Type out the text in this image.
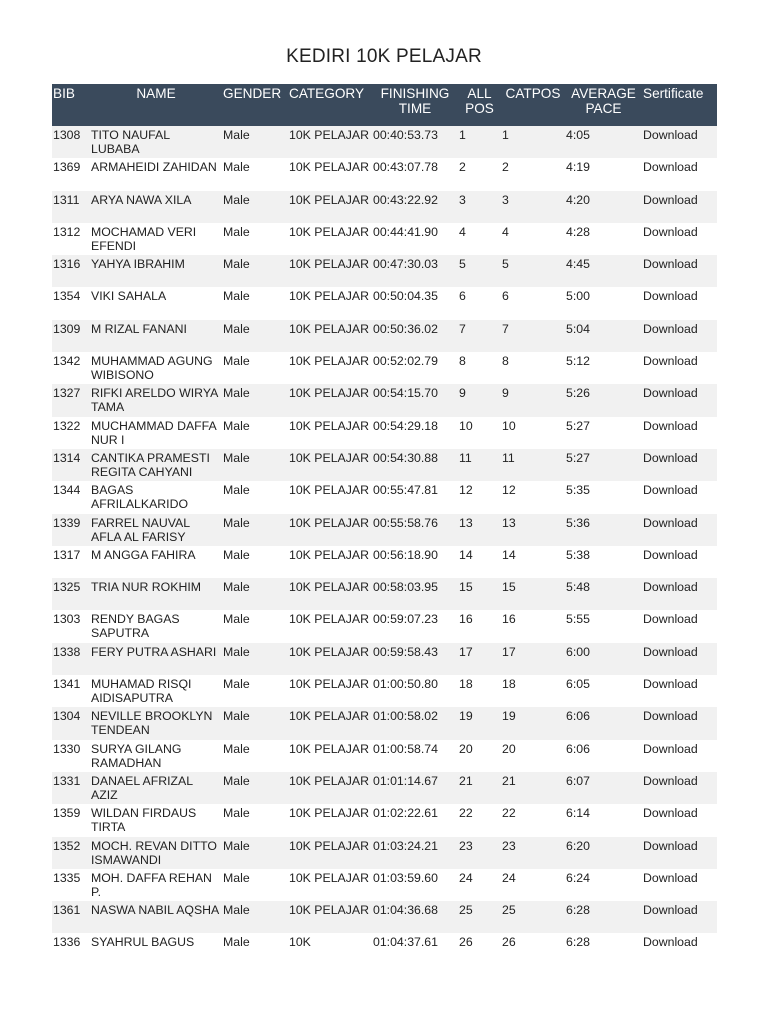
KEDIRI 10K PELAJAR
BIB	NAME	GENDER	CATEGORY	FINISHING TIME	ALL POS	CATPOS	AVERAGE PACE	Sertificate
1308	TITO NAUFAL LUBABA	Male	10K PELAJAR	00:40:53.73	1	1	4:05	Download
1369	ARMAHEIDI ZAHIDAN	Male	10K PELAJAR	00:43:07.78	2	2	4:19	Download
1311	ARYA NAWA XILA	Male	10K PELAJAR	00:43:22.92	3	3	4:20	Download
1312	MOCHAMAD VERI EFENDI	Male	10K PELAJAR	00:44:41.90	4	4	4:28	Download
1316	YAHYA IBRAHIM	Male	10K PELAJAR	00:47:30.03	5	5	4:45	Download
1354	VIKI SAHALA	Male	10K PELAJAR	00:50:04.35	6	6	5:00	Download
1309	M RIZAL FANANI	Male	10K PELAJAR	00:50:36.02	7	7	5:04	Download
1342	MUHAMMAD AGUNG WIBISONO	Male	10K PELAJAR	00:52:02.79	8	8	5:12	Download
1327	RIFKI ARELDO WIRYA TAMA	Male	10K PELAJAR	00:54:15.70	9	9	5:26	Download
1322	MUCHAMMAD DAFFA NUR I	Male	10K PELAJAR	00:54:29.18	10	10	5:27	Download
1314	CANTIKA PRAMESTI REGITA CAHYANI	Male	10K PELAJAR	00:54:30.88	11	11	5:27	Download
1344	BAGAS AFRILALKARIDO	Male	10K PELAJAR	00:55:47.81	12	12	5:35	Download
1339	FARREL NAUVAL AFLA AL FARISY	Male	10K PELAJAR	00:55:58.76	13	13	5:36	Download
1317	M ANGGA FAHIRA	Male	10K PELAJAR	00:56:18.90	14	14	5:38	Download
1325	TRIA NUR ROKHIM	Male	10K PELAJAR	00:58:03.95	15	15	5:48	Download
1303	RENDY BAGAS SAPUTRA	Male	10K PELAJAR	00:59:07.23	16	16	5:55	Download
1338	FERY PUTRA ASHARI	Male	10K PELAJAR	00:59:58.43	17	17	6:00	Download
1341	MUHAMAD RISQI AIDISAPUTRA	Male	10K PELAJAR	01:00:50.80	18	18	6:05	Download
1304	NEVILLE BROOKLYN TENDEAN	Male	10K PELAJAR	01:00:58.02	19	19	6:06	Download
1330	SURYA GILANG RAMADHAN	Male	10K PELAJAR	01:00:58.74	20	20	6:06	Download
1331	DANAEL AFRIZAL AZIZ	Male	10K PELAJAR	01:01:14.67	21	21	6:07	Download
1359	WILDAN FIRDAUS TIRTA	Male	10K PELAJAR	01:02:22.61	22	22	6:14	Download
1352	MOCH. REVAN DITTO ISMAWANDI	Male	10K PELAJAR	01:03:24.21	23	23	6:20	Download
1335	MOH. DAFFA REHAN P.	Male	10K PELAJAR	01:03:59.60	24	24	6:24	Download
1361	NASWA NABIL AQSHA	Male	10K PELAJAR	01:04:36.68	25	25	6:28	Download
1336	SYAHRUL BAGUS	Male	10K	01:04:37.61	26	26	6:28	Download
